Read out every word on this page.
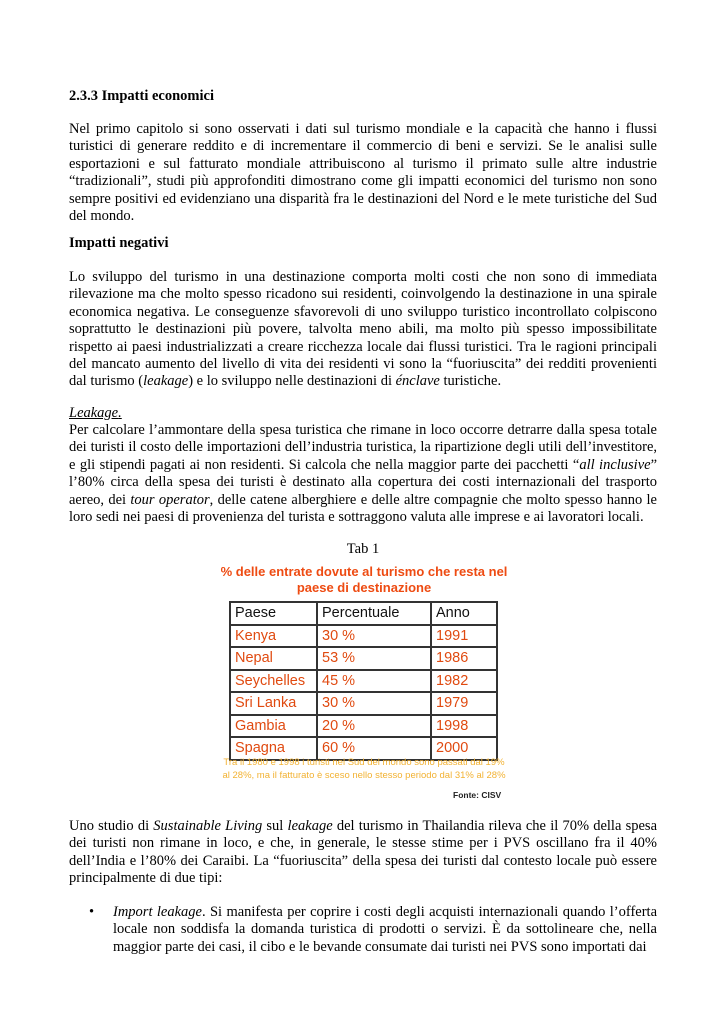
2.3.3 Impatti economici

Nel primo capitolo si sono osservati i dati sul turismo mondiale e la capacità che hanno i flussi turistici di generare reddito e di incrementare il commercio di beni e servizi. Se le analisi sulle esportazioni e sul fatturato mondiale attribuiscono al turismo il primato sulle altre industrie “tradizionali”, studi più approfonditi dimostrano come gli impatti economici del turismo non sono sempre positivi ed evidenziano una disparità fra le destinazioni del Nord e le mete turistiche del Sud del mondo.

Impatti negativi

Lo sviluppo del turismo in una destinazione comporta molti costi che non sono di immediata rilevazione ma che molto spesso ricadono sui residenti, coinvolgendo la destinazione in una spirale economica negativa. Le conseguenze sfavorevoli di uno sviluppo turistico incontrollato colpiscono soprattutto le destinazioni più povere, talvolta meno abili, ma molto più spesso impossibilitate rispetto ai paesi industrializzati a creare ricchezza locale dai flussi turistici. Tra le ragioni principali del mancato aumento del livello di vita dei residenti vi sono la “fuoriuscita” dei redditi provenienti dal turismo (leakage) e lo sviluppo nelle destinazioni di énclave turistiche.

Leakage.

Per calcolare l’ammontare della spesa turistica che rimane in loco occorre detrarre dalla spesa totale dei turisti il costo delle importazioni dell’industria turistica, la ripartizione degli utili dell’investitore, e gli stipendi pagati ai non residenti. Si calcola che nella maggior parte dei pacchetti “all inclusive” l’80% circa della spesa dei turisti è destinato alla copertura dei costi internazionali del trasporto aereo, dei tour operator, delle catene alberghiere e delle altre compagnie che molto spesso hanno le loro sedi nei paesi di provenienza del turista e sottraggono valuta alle imprese e ai lavoratori locali.

Tab 1
% delle entrate dovute al turismo che resta nel
paese di destinazione
Paese	Percentuale	Anno
Kenya	30 %	1991
Nepal	53 %	1986
Seychelles	45 %	1982
Sri Lanka	30 %	1979
Gambia	20 %	1998
Spagna	60 %	2000
Tra il 1980 e 1998 i turisti nel Sud del mondo sono passati dal 19%
al 28%, ma il fatturato è sceso nello stesso periodo dal 31% al 28%
Fonte: CISV

Uno studio di Sustainable Living sul leakage del turismo in Thailandia rileva che il 70% della spesa dei turisti non rimane in loco, e che, in generale, le stesse stime per i PVS oscillano fra il 40% dell’India e l’80% dei Caraibi. La “fuoriuscita” della spesa dei turisti dal contesto locale può essere principalmente di due tipi:

• Import leakage. Si manifesta per coprire i costi degli acquisti internazionali quando l’offerta locale non soddisfa la domanda turistica di prodotti o servizi. È da sottolineare che, nella maggior parte dei casi, il cibo e le bevande consumate dai turisti nei PVS sono importati dai
